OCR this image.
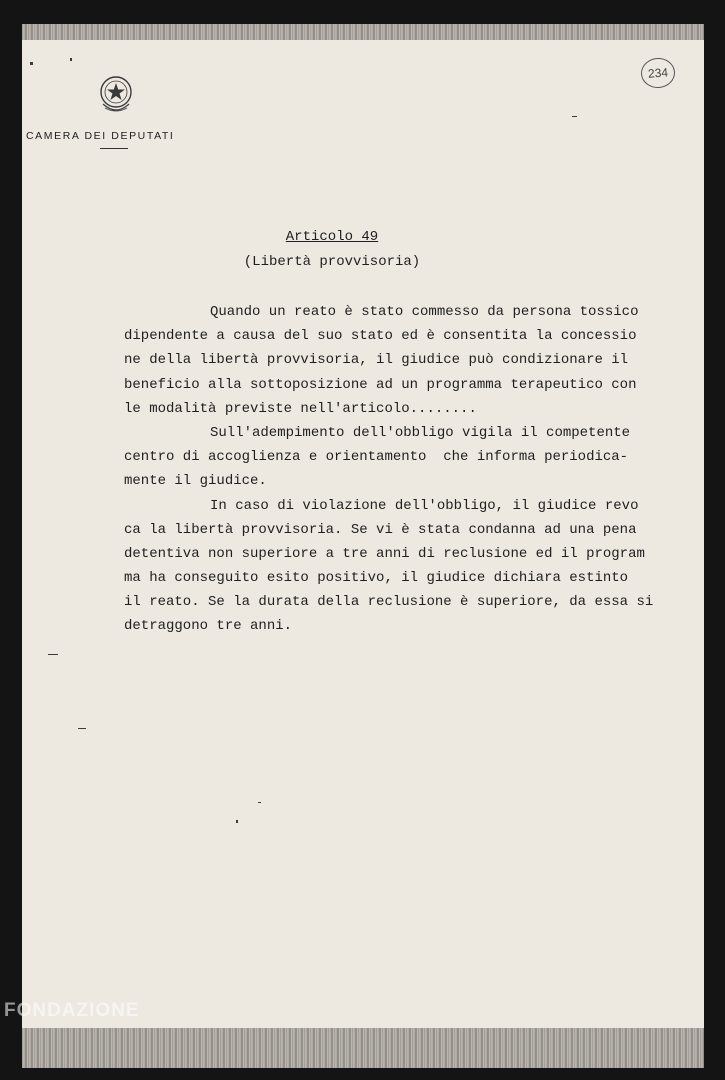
CAMERA DEI DEPUTATI
234
Articolo 49
(Libertà provvisoria)
Quando un reato è stato commesso da persona tossico
dipendente a causa del suo stato ed è consentita la concessio
ne della libertà provvisoria, il giudice può condizionare il
beneficio alla sottoposizione ad un programma terapeutico con
le modalità previste nell'articolo........
Sull'adempimento dell'obbligo vigila il competente
centro di accoglienza e orientamento  che informa periodica-
mente il giudice.
In caso di violazione dell'obbligo, il giudice revo
ca la libertà provvisoria. Se vi è stata condanna ad una pena
detentiva non superiore a tre anni di reclusione ed il program
ma ha conseguito esito positivo, il giudice dichiara estinto
il reato. Se la durata della reclusione è superiore, da essa si
detraggono tre anni.
FONDAZIONE
